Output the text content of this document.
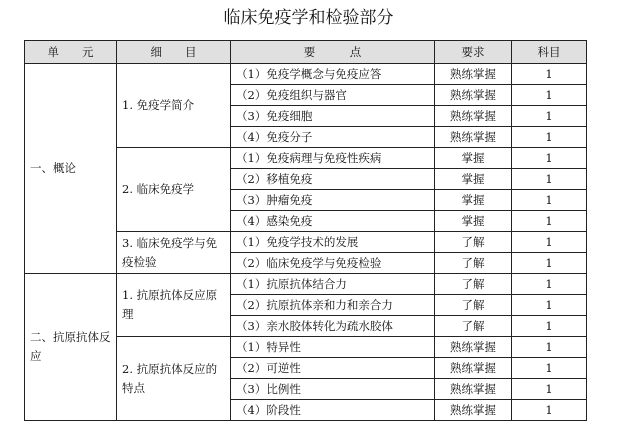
临床免疫学和检验部分
单　　元	细　　目	要　　　点	要求	科目
一、概论	1. 免疫学简介	（1）免疫学概念与免疫应答	熟练掌握	1
		（2）免疫组织与器官	熟练掌握	1
		（3）免疫细胞	熟练掌握	1
		（4）免疫分子	熟练掌握	1
	2. 临床免疫学	（1）免疫病理与免疫性疾病	掌握	1
		（2）移植免疫	掌握	1
		（3）肿瘤免疫	掌握	1
		（4）感染免疫	掌握	1
	3. 临床免疫学与免疫检验	（1）免疫学技术的发展	了解	1
		（2）临床免疫学与免疫检验	了解	1
二、抗原抗体反应	1. 抗原抗体反应原理	（1）抗原抗体结合力	了解	1
		（2）抗原抗体亲和力和亲合力	了解	1
		（3）亲水胶体转化为疏水胶体	了解	1
	2. 抗原抗体反应的特点	（1）特异性	熟练掌握	1
		（2）可逆性	熟练掌握	1
		（3）比例性	熟练掌握	1
		（4）阶段性	熟练掌握	1
